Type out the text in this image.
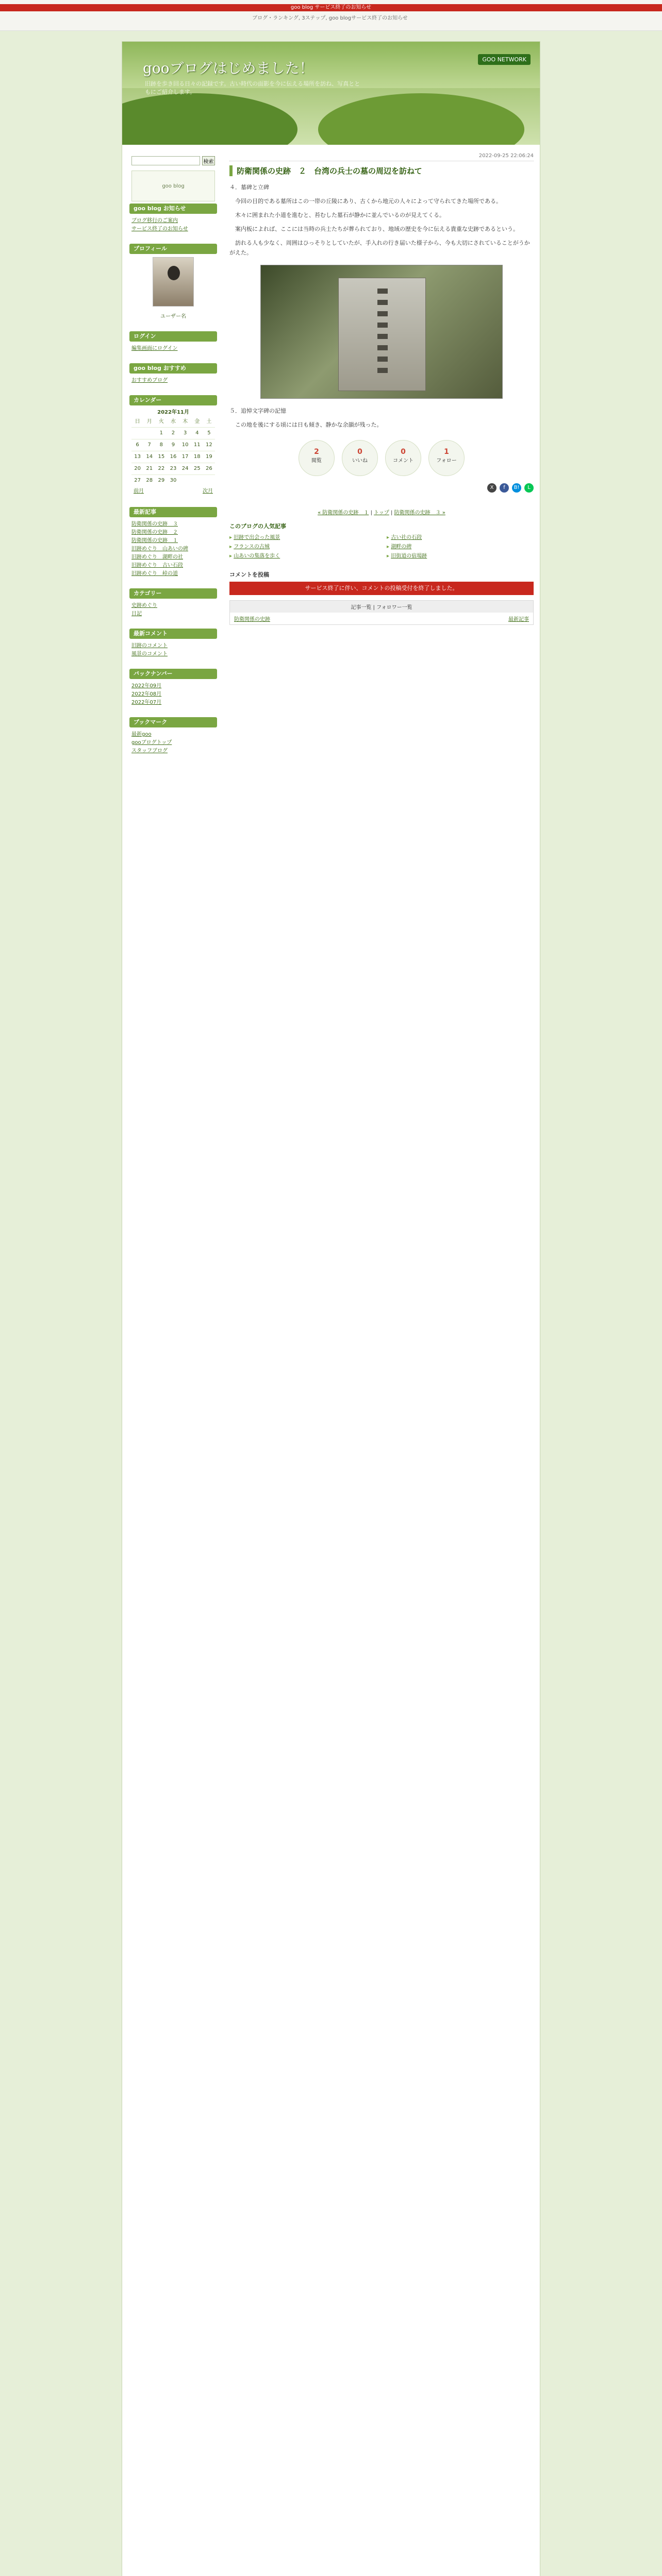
goo blog サービス終了のお知らせ
ブログ・ランキング, 3ステップ, goo blogサービス終了のお知らせ
gooブログはじめました！
旧跡を歩き回る日々の記録です。古い時代の面影を今に伝える場所を訪ね、写真とともにご紹介します。
GOO NETWORK
検索
goo blog
goo blog お知らせ
ブログ移行のご案内
サービス終了のお知らせ
プロフィール
ユーザー名
ログイン
編集画面にログイン
goo blog おすすめ
おすすめブログ
カレンダー
2022年11月
日	月	火	水	木	金	土
		1	2	3	4	5
6	7	8	9	10	11	12
13	14	15	16	17	18	19
20	21	22	23	24	25	26
27	28	29	30			
前月	次月
最新記事
防衛関係の史跡　３
防衛関係の史跡　２
防衛関係の史跡　１
旧跡めぐり　山あいの碑
旧跡めぐり　湖畔の社
旧跡めぐり　古い石段
旧跡めぐり　峠の道
カテゴリー
史跡めぐり
日記
最新コメント
旧跡のコメント
風景のコメント
バックナンバー
2022年09月
2022年08月
2022年07月
ブックマーク
最新goo
gooブログトップ
スタッフブログ
2022-09-25 22:06:24
防衛関係の史跡　２　台湾の兵士の墓の周辺を訪ねて

４．墓碑と立碑

　今回の目的である墓所はこの一帯の丘陵にあり、古くから地元の人々によって守られてきた場所である。

　木々に囲まれた小道を進むと、苔むした墓石が静かに並んでいるのが見えてくる。

　案内板によれば、ここには当時の兵士たちが葬られており、地域の歴史を今に伝える貴重な史跡であるという。

　訪れる人も少なく、周囲はひっそりとしていたが、手入れの行き届いた様子から、今も大切にされていることがうかがえた。

５．追悼文字碑の記憶

　この地を後にする頃には日も傾き、静かな余韻が残った。

2
閲覧
0
いいね
0
コメント
1
フォロー
X	f	B!	L
« 防衛関係の史跡　１ | トップ | 防衛関係の史跡　３ »
このブログの人気記事
▸ 旧跡で出会った風景
▸ フランスの古城
▸ 山あいの集落を歩く
▸ 古い社の石段
▸ 湖畔の碑
▸ 旧街道の宿場跡
コメントを投稿
サービス終了に伴い、コメントの投稿受付を終了しました。
記事一覧 | フォロワー一覧
防衛関係の史跡	最新記事
